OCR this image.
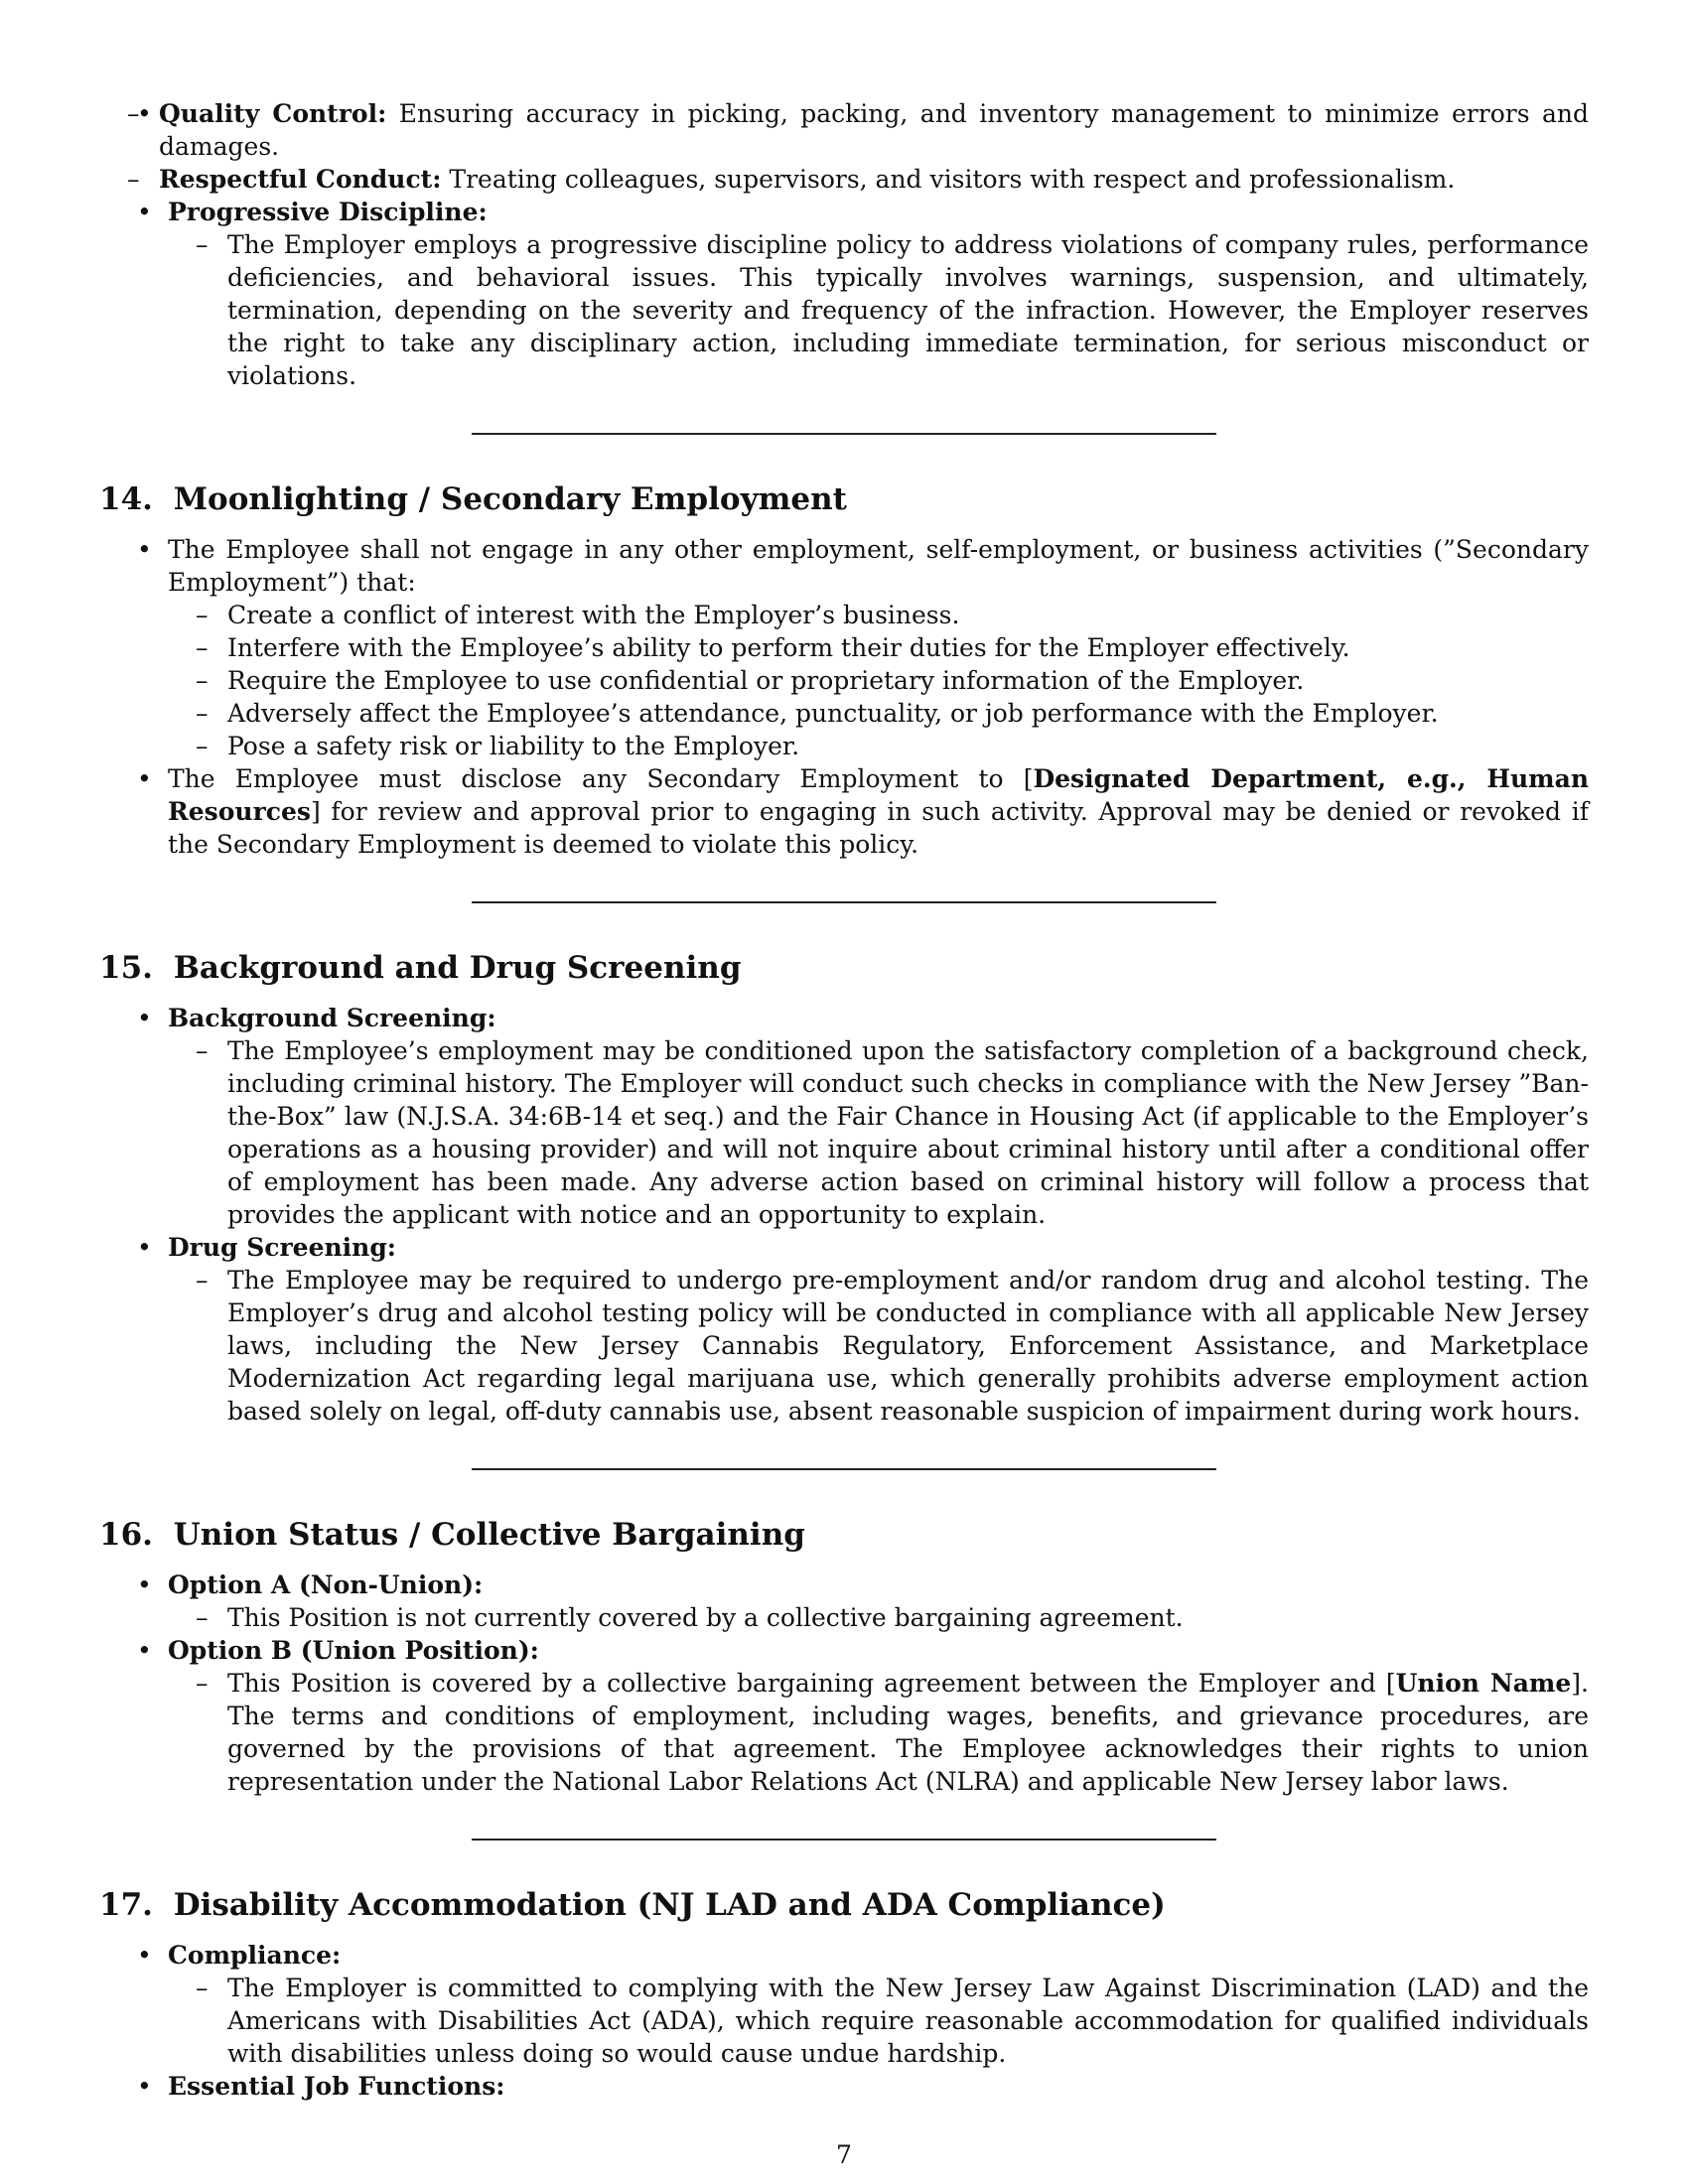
– • Quality Control: Ensuring accuracy in picking, packing, and inventory management to minimize errors and damages.
– Respectful Conduct: Treating colleagues, supervisors, and visitors with respect and professionalism.
• Progressive Discipline:
– The Employer employs a progressive discipline policy to address violations of company rules, performance deficiencies, and behavioral issues. This typically involves warnings, suspension, and ultimately, termination, depending on the severity and frequency of the infraction. However, the Employer reserves the right to take any disciplinary action, including immediate termination, for serious misconduct or violations.
14. Moonlighting / Secondary Employment
• The Employee shall not engage in any other employment, self-employment, or business activities (”Secondary Employment”) that:
– Create a conflict of interest with the Employer’s business.
– Interfere with the Employee’s ability to perform their duties for the Employer effectively.
– Require the Employee to use confidential or proprietary information of the Employer.
– Adversely affect the Employee’s attendance, punctuality, or job performance with the Employer.
– Pose a safety risk or liability to the Employer.
• The Employee must disclose any Secondary Employment to [Designated Department, e.g., Human Resources] for review and approval prior to engaging in such activity. Approval may be denied or revoked if the Secondary Employment is deemed to violate this policy.
15. Background and Drug Screening
• Background Screening:
– The Employee’s employment may be conditioned upon the satisfactory completion of a background check, including criminal history. The Employer will conduct such checks in compliance with the New Jersey ”Ban-the-Box” law (N.J.S.A. 34:6B-14 et seq.) and the Fair Chance in Housing Act (if applicable to the Employer’s operations as a housing provider) and will not inquire about criminal history until after a conditional offer of employment has been made. Any adverse action based on criminal history will follow a process that provides the applicant with notice and an opportunity to explain.
• Drug Screening:
– The Employee may be required to undergo pre-employment and/or random drug and alcohol testing. The Employer’s drug and alcohol testing policy will be conducted in compliance with all applicable New Jersey laws, including the New Jersey Cannabis Regulatory, Enforcement Assistance, and Marketplace Modernization Act regarding legal marijuana use, which generally prohibits adverse employment action based solely on legal, off-duty cannabis use, absent reasonable suspicion of impairment during work hours.
16. Union Status / Collective Bargaining
• Option A (Non-Union):
– This Position is not currently covered by a collective bargaining agreement.
• Option B (Union Position):
– This Position is covered by a collective bargaining agreement between the Employer and [Union Name]. The terms and conditions of employment, including wages, benefits, and grievance procedures, are governed by the provisions of that agreement. The Employee acknowledges their rights to union representation under the National Labor Relations Act (NLRA) and applicable New Jersey labor laws.
17. Disability Accommodation (NJ LAD and ADA Compliance)
• Compliance:
– The Employer is committed to complying with the New Jersey Law Against Discrimination (LAD) and the Americans with Disabilities Act (ADA), which require reasonable accommodation for qualified individuals with disabilities unless doing so would cause undue hardship.
• Essential Job Functions:
7
